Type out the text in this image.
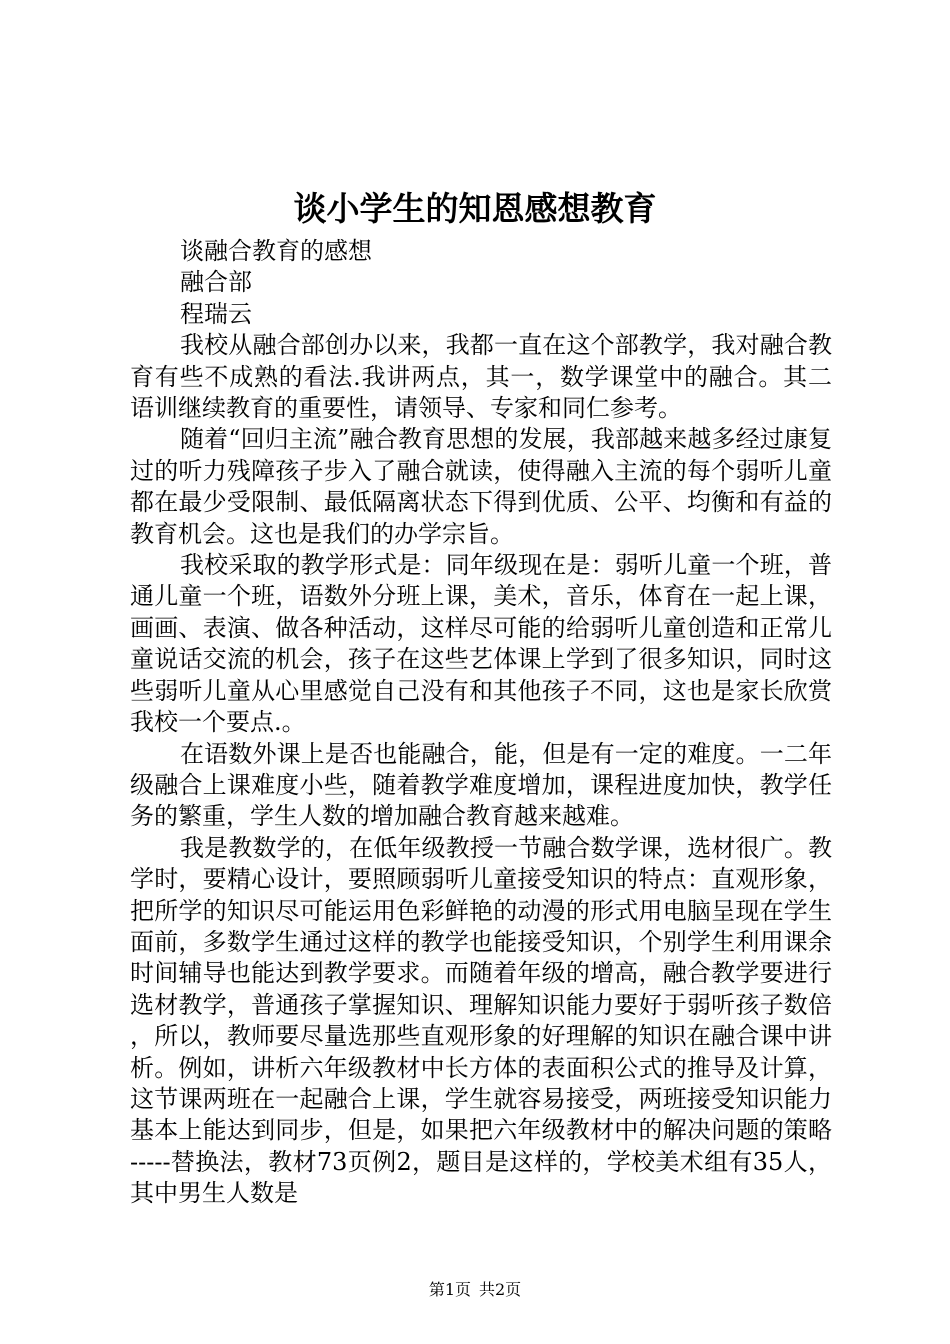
谈小学生的知恩感想教育

谈融合教育的感想

融合部

程瑞云

我校从融合部创办以来，我都一直在这个部教学，我对融合教育有些不成熟的看法.我讲两点，其一，数学课堂中的融合。其二语训继续教育的重要性，请领导、专家和同仁参考。

随着“回归主流”融合教育思想的发展，我部越来越多经过康复过的听力残障孩子步入了融合就读，使得融入主流的每个弱听儿童都在最少受限制、最低隔离状态下得到优质、公平、均衡和有益的教育机会。这也是我们的办学宗旨。

我校采取的教学形式是：同年级现在是：弱听儿童一个班，普通儿童一个班，语数外分班上课，美术，音乐，体育在一起上课，画画、表演、做各种活动，这样尽可能的给弱听儿童创造和正常儿童说话交流的机会，孩子在这些艺体课上学到了很多知识，同时这些弱听儿童从心里感觉自己没有和其他孩子不同，这也是家长欣赏我校一个要点.。

在语数外课上是否也能融合，能，但是有一定的难度。一二年级融合上课难度小些，随着教学难度增加，课程进度加快，教学任务的繁重，学生人数的增加融合教育越来越难。

我是教数学的，在低年级教授一节融合数学课，选材很广。教学时，要精心设计，要照顾弱听儿童接受知识的特点：直观形象，把所学的知识尽可能运用色彩鲜艳的动漫的形式用电脑呈现在学生面前，多数学生通过这样的教学也能接受知识，个别学生利用课余时间辅导也能达到教学要求。而随着年级的增高，融合教学要进行选材教学，普通孩子掌握知识、理解知识能力要好于弱听孩子数倍，所以，教师要尽量选那些直观形象的好理解的知识在融合课中讲析。例如，讲析六年级教材中长方体的表面积公式的推导及计算，这节课两班在一起融合上课，学生就容易接受，两班接受知识能力基本上能达到同步，但是，如果把六年级教材中的解决问题的策略-----替换法，教材73页例2，题目是这样的，学校美术组有35人，其中男生人数是

第1页 共2页
